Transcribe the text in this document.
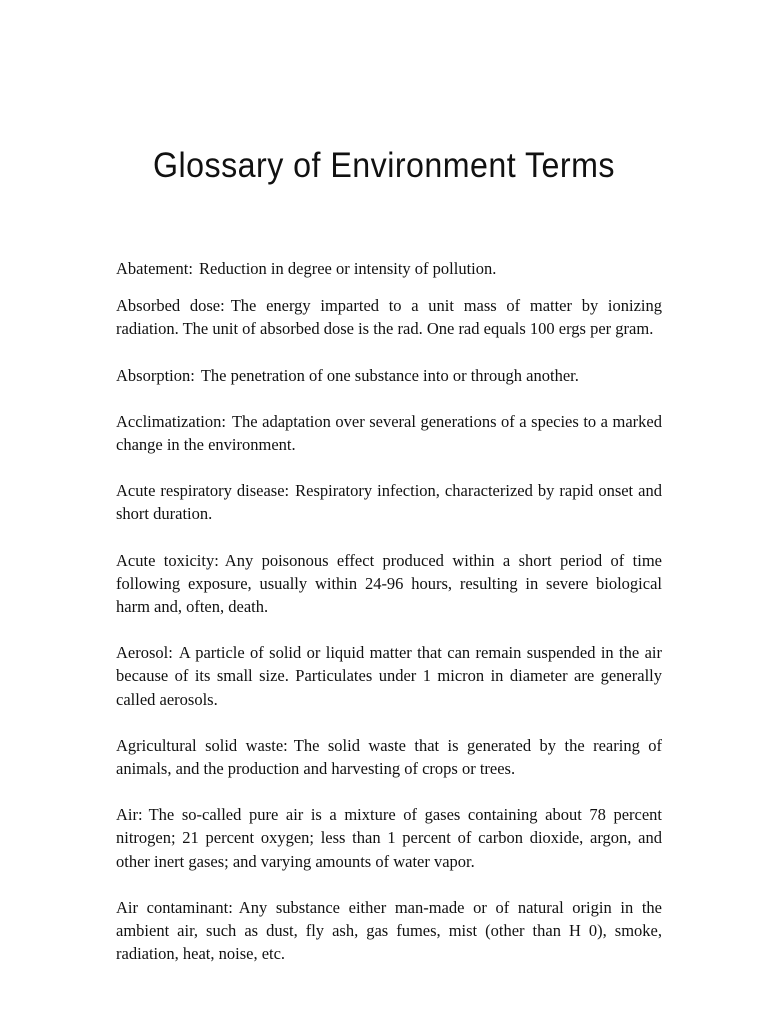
Glossary of Environment Terms

Abatement: Reduction in degree or intensity of pollution.

Absorbed dose: The energy imparted to a unit mass of matter by ionizing radiation. The unit of absorbed dose is the rad. One rad equals 100 ergs per gram.

Absorption: The penetration of one substance into or through another.

Acclimatization: The adaptation over several generations of a species to a marked change in the environment.

Acute respiratory disease: Respiratory infection, characterized by rapid onset and short duration.

Acute toxicity: Any poisonous effect produced within a short period of time following exposure, usually within 24-96 hours, resulting in severe biological harm and, often, death.

Aerosol: A particle of solid or liquid matter that can remain suspended in the air because of its small size. Particulates under 1 micron in diameter are generally called aerosols.

Agricultural solid waste: The solid waste that is generated by the rearing of animals, and the production and harvesting of crops or trees.

Air: The so-called pure air is a mixture of gases containing about 78 percent nitrogen; 21 percent oxygen; less than 1 percent of carbon dioxide, argon, and other inert gases; and varying amounts of water vapor.

Air contaminant: Any substance either man-made or of natural origin in the ambient air, such as dust, fly ash, gas fumes, mist (other than H 0), smoke, radiation, heat, noise, etc.
